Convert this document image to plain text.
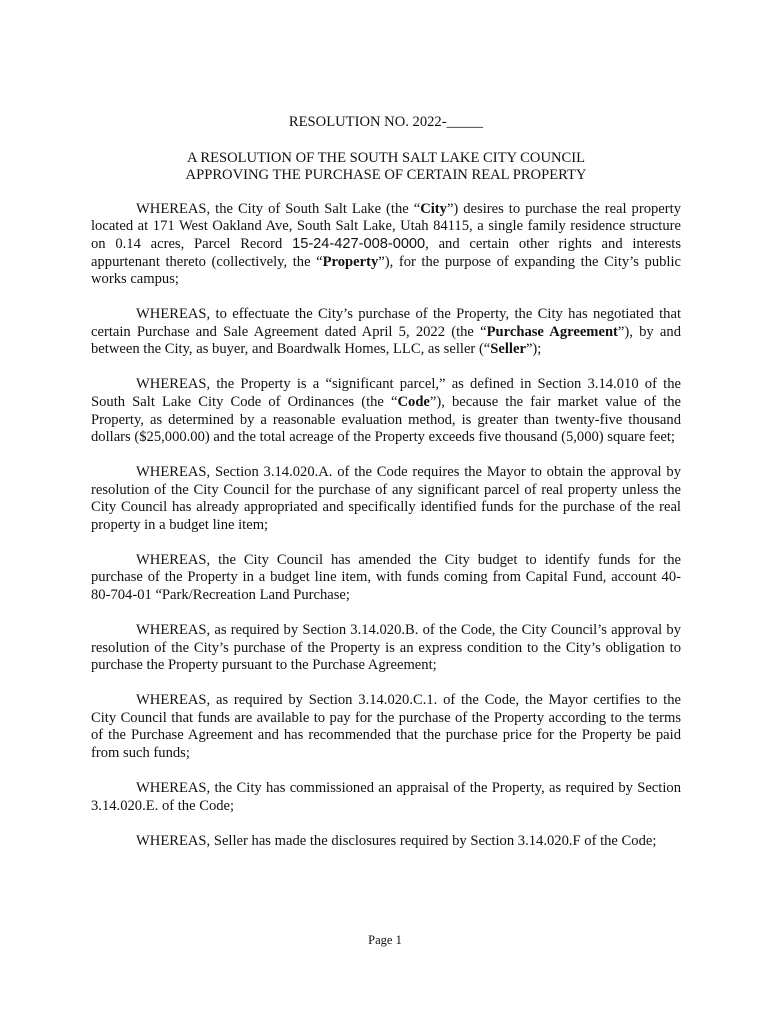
RESOLUTION NO. 2022-_____
A RESOLUTION OF THE SOUTH SALT LAKE CITY COUNCIL
APPROVING THE PURCHASE OF CERTAIN REAL PROPERTY

WHEREAS, the City of South Salt Lake (the “City”) desires to purchase the real property located at 171 West Oakland Ave, South Salt Lake, Utah 84115, a single family residence structure on 0.14 acres, Parcel Record 15-24-427-008-0000, and certain other rights and interests appurtenant thereto (collectively, the “Property”), for the purpose of expanding the City’s public works campus;

WHEREAS, to effectuate the City’s purchase of the Property, the City has negotiated that certain Purchase and Sale Agreement dated April 5, 2022 (the “Purchase Agreement”), by and between the City, as buyer, and Boardwalk Homes, LLC, as seller (“Seller”);

WHEREAS, the Property is a “significant parcel,” as defined in Section 3.14.010 of the South Salt Lake City Code of Ordinances (the “Code”), because the fair market value of the Property, as determined by a reasonable evaluation method, is greater than twenty-five thousand dollars ($25,000.00) and the total acreage of the Property exceeds five thousand (5,000) square feet;

WHEREAS, Section 3.14.020.A. of the Code requires the Mayor to obtain the approval by resolution of the City Council for the purchase of any significant parcel of real property unless the City Council has already appropriated and specifically identified funds for the purchase of the real property in a budget line item;

WHEREAS, the City Council has amended the City budget to identify funds for the purchase of the Property in a budget line item, with funds coming from Capital Fund, account 40-80-704-01 “Park/Recreation Land Purchase;

WHEREAS, as required by Section 3.14.020.B. of the Code, the City Council’s approval by resolution of the City’s purchase of the Property is an express condition to the City’s obligation to purchase the Property pursuant to the Purchase Agreement;

WHEREAS, as required by Section 3.14.020.C.1. of the Code, the Mayor certifies to the City Council that funds are available to pay for the purchase of the Property according to the terms of the Purchase Agreement and has recommended that the purchase price for the Property be paid from such funds;

WHEREAS, the City has commissioned an appraisal of the Property, as required by Section 3.14.020.E. of the Code;

WHEREAS, Seller has made the disclosures required by Section 3.14.020.F of the Code;

Page 1
